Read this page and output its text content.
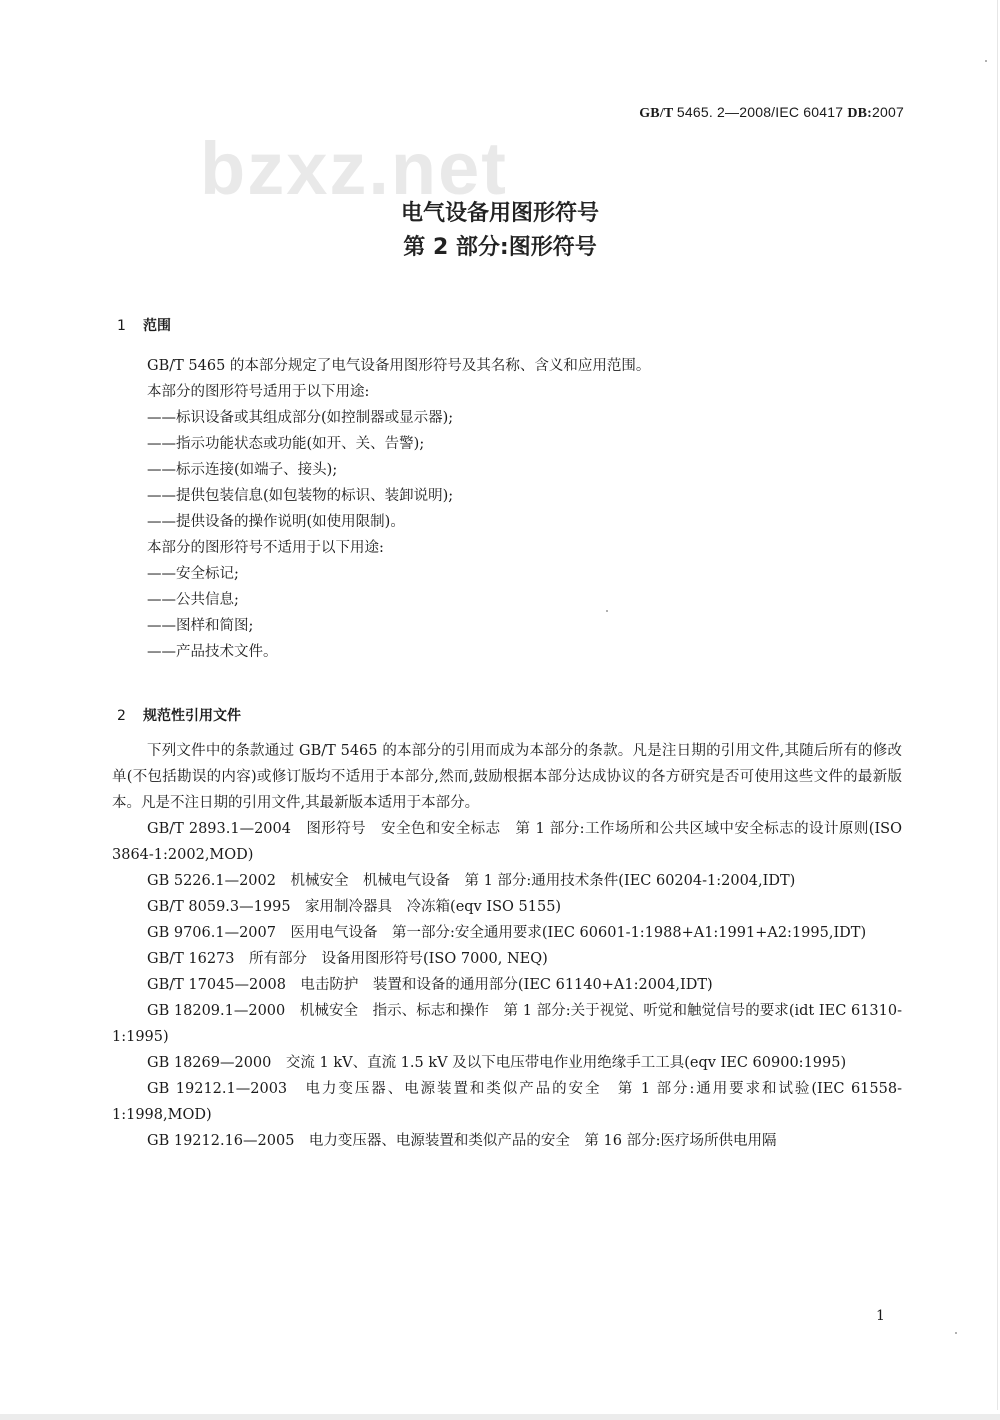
GB/T 5465. 2—2008/IEC 60417 DB:2007
bzxz.net
电气设备用图形符号
第 2 部分:图形符号
1 范围
GB/T 5465 的本部分规定了电气设备用图形符号及其名称、含义和应用范围。
本部分的图形符号适用于以下用途:
——标识设备或其组成部分(如控制器或显示器);
——指示功能状态或功能(如开、关、告警);
——标示连接(如端子、接头);
——提供包装信息(如包装物的标识、装卸说明);
——提供设备的操作说明(如使用限制)。
本部分的图形符号不适用于以下用途:
——安全标记;
——公共信息;
——图样和简图;
——产品技术文件。
2 规范性引用文件

下列文件中的条款通过 GB/T 5465 的本部分的引用而成为本部分的条款。凡是注日期的引用文件,其随后所有的修改单(不包括勘误的内容)或修订版均不适用于本部分,然而,鼓励根据本部分达成协议的各方研究是否可使用这些文件的最新版本。凡是不注日期的引用文件,其最新版本适用于本部分。

GB/T 2893.1—2004　图形符号　安全色和安全标志　第 1 部分:工作场所和公共区域中安全标志的设计原则(ISO 3864-1:2002,MOD)

GB 5226.1—2002　机械安全　机械电气设备　第 1 部分:通用技术条件(IEC 60204-1:2004,IDT)

GB/T 8059.3—1995　家用制冷器具　冷冻箱(eqv ISO 5155)

GB 9706.1—2007　医用电气设备　第一部分:安全通用要求(IEC 60601-1:1988+A1:1991+A2:1995,IDT)

GB/T 16273　所有部分　设备用图形符号(ISO 7000, NEQ)

GB/T 17045—2008　电击防护　装置和设备的通用部分(IEC 61140+A1:2004,IDT)

GB 18209.1—2000　机械安全　指示、标志和操作　第 1 部分:关于视觉、听觉和触觉信号的要求(idt IEC 61310-1:1995)

GB 18269—2000　交流 1 kV、直流 1.5 kV 及以下电压带电作业用绝缘手工工具(eqv IEC 60900:1995)

GB 19212.1—2003　电力变压器、电源装置和类似产品的安全　第 1 部分:通用要求和试验(IEC 61558-1:1998,MOD)

GB 19212.16—2005　电力变压器、电源装置和类似产品的安全　第 16 部分:医疗场所供电用隔

1
